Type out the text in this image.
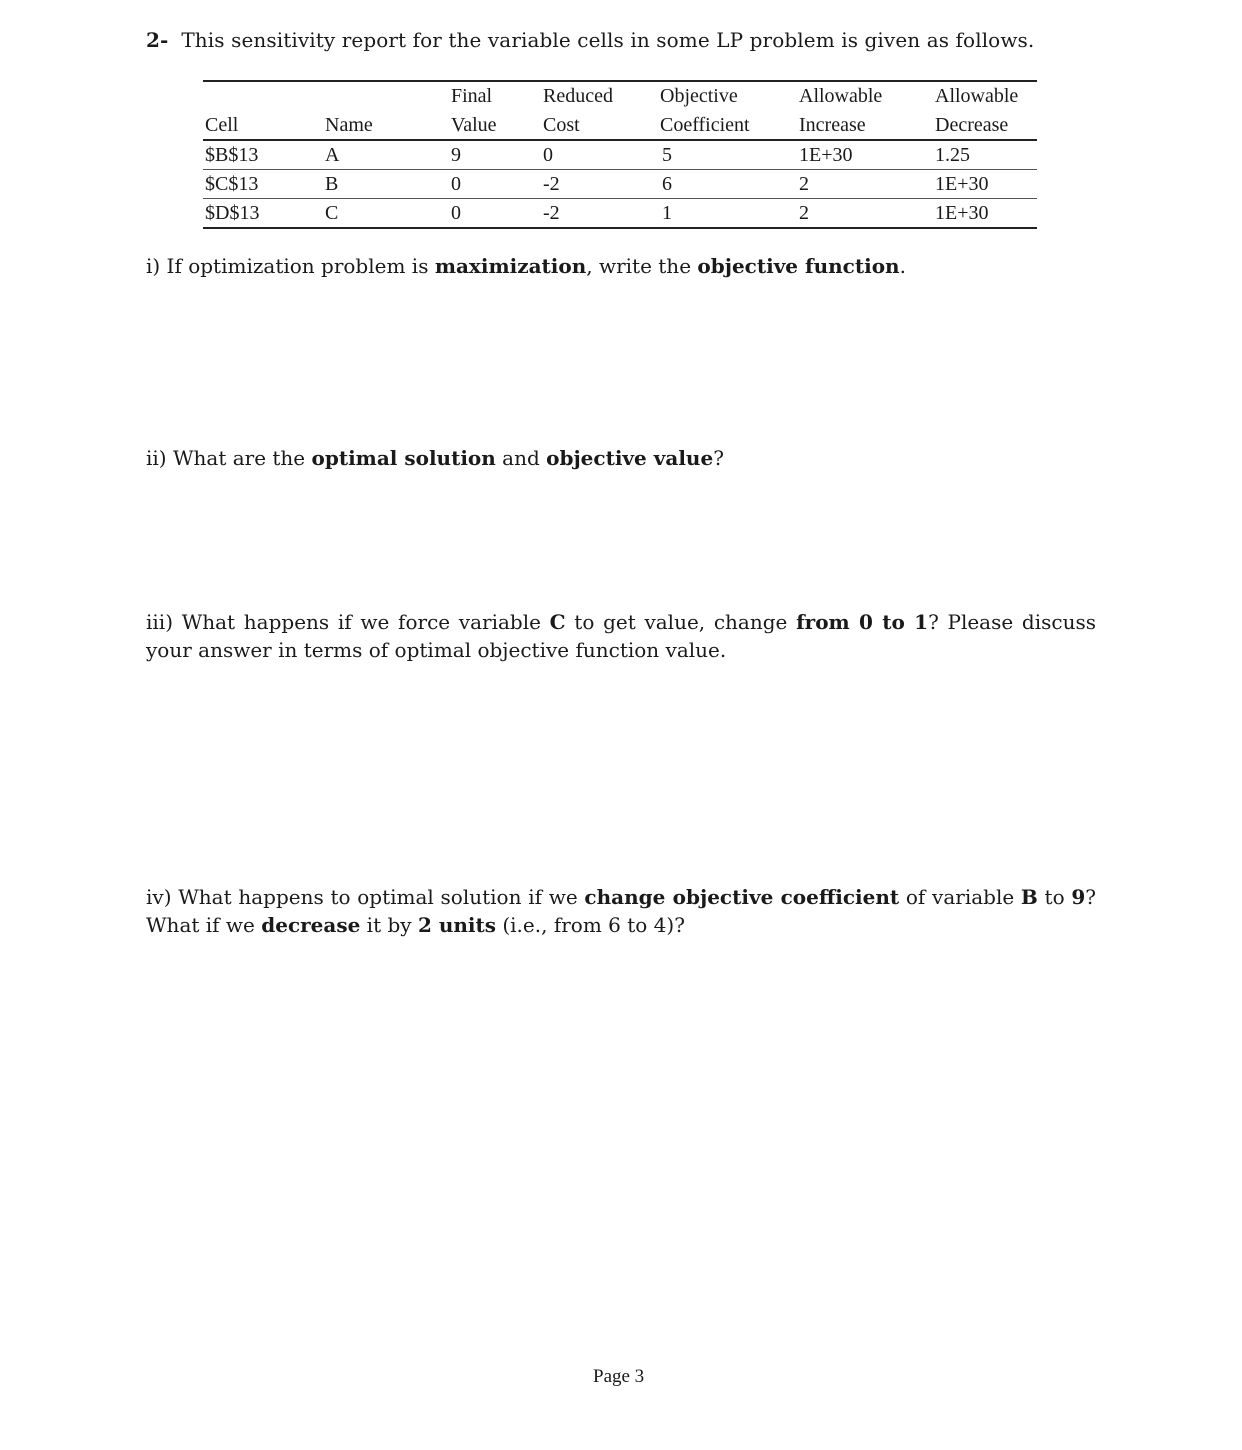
2- This sensitivity report for the variable cells in some LP problem is given as follows.
		Final	Reduced	Objective	Allowable	Allowable
Cell	Name	Value	Cost	Coefficient	Increase	Decrease
$B$13	A	9	0	5	1E+30	1.25
$C$13	B	0	-2	6	2	1E+30
$D$13	C	0	-2	1	2	1E+30
i) If optimization problem is maximization, write the objective function.
ii) What are the optimal solution and objective value?
iii) What happens if we force variable C to get value, change from 0 to 1? Please discuss your answer in terms of optimal objective function value.
iv) What happens to optimal solution if we change objective coefficient of variable B to 9? What if we decrease it by 2 units (i.e., from 6 to 4)?
Page 3
